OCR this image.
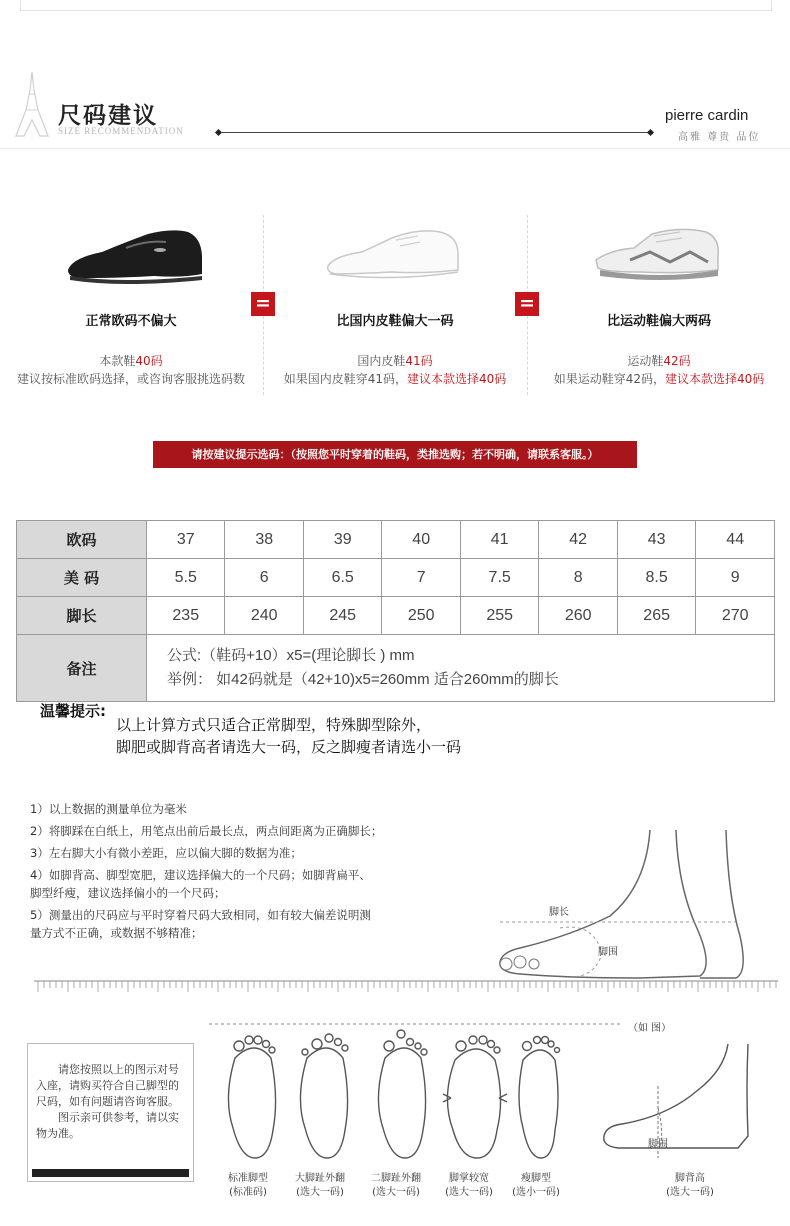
尺码建议
SIZE RECOMMENDATION
pierre cardin
高雅 尊贵 品位
正常欧码不偏大
本款鞋40码
建议按标准欧码选择，或咨询客服挑选码数
=
比国内皮鞋偏大一码
国内皮鞋41码
如果国内皮鞋穿41码，建议本款选择40码
=
比运动鞋偏大两码
运动鞋42码
如果运动鞋穿42码，建议本款选择40码
请按建议提示选码：（按照您平时穿着的鞋码，类推选购；若不明确，请联系客服。）
欧码	37	38	39	40	41	42	43	44
美 码	5.5	6	6.5	7	7.5	8	8.5	9
脚长	235	240	245	250	255	260	265	270
备注	公式:（鞋码+10）x5=(理论脚长 ) mm
举例： 如42码就是（42+10)x5=260mm 适合260mm的脚长							
温馨提示:
以上计算方式只适合正常脚型，特殊脚型除外，
脚肥或脚背高者请选大一码，反之脚瘦者请选小一码
1）以上数据的测量单位为毫米
2）将脚踩在白纸上，用笔点出前后最长点，两点间距离为正确脚长；
3）左右脚大小有微小差距，应以偏大脚的数据为准；
4）如脚背高、脚型宽肥，建议选择偏大的一个尺码；如脚背扁平、
脚型纤瘦，建议选择偏小的一个尺码；
5）测量出的尺码应与平时穿着尺码大致相同，如有较大偏差说明测
量方式不正确，或数据不够精准；
脚长
脚围
请您按照以上的图示对号入座，请购买符合自己脚型的尺码，如有问题请咨询客服。
图示亲可供参考，请以实物为准。
（如 图）
脚围
标准脚型
(标准码)
大脚趾外翻
(选大一码)
二脚趾外翻
(选大一码)
脚掌较宽
(选大一码)
瘦脚型
(选小一码)
脚背高
(选大一码)
